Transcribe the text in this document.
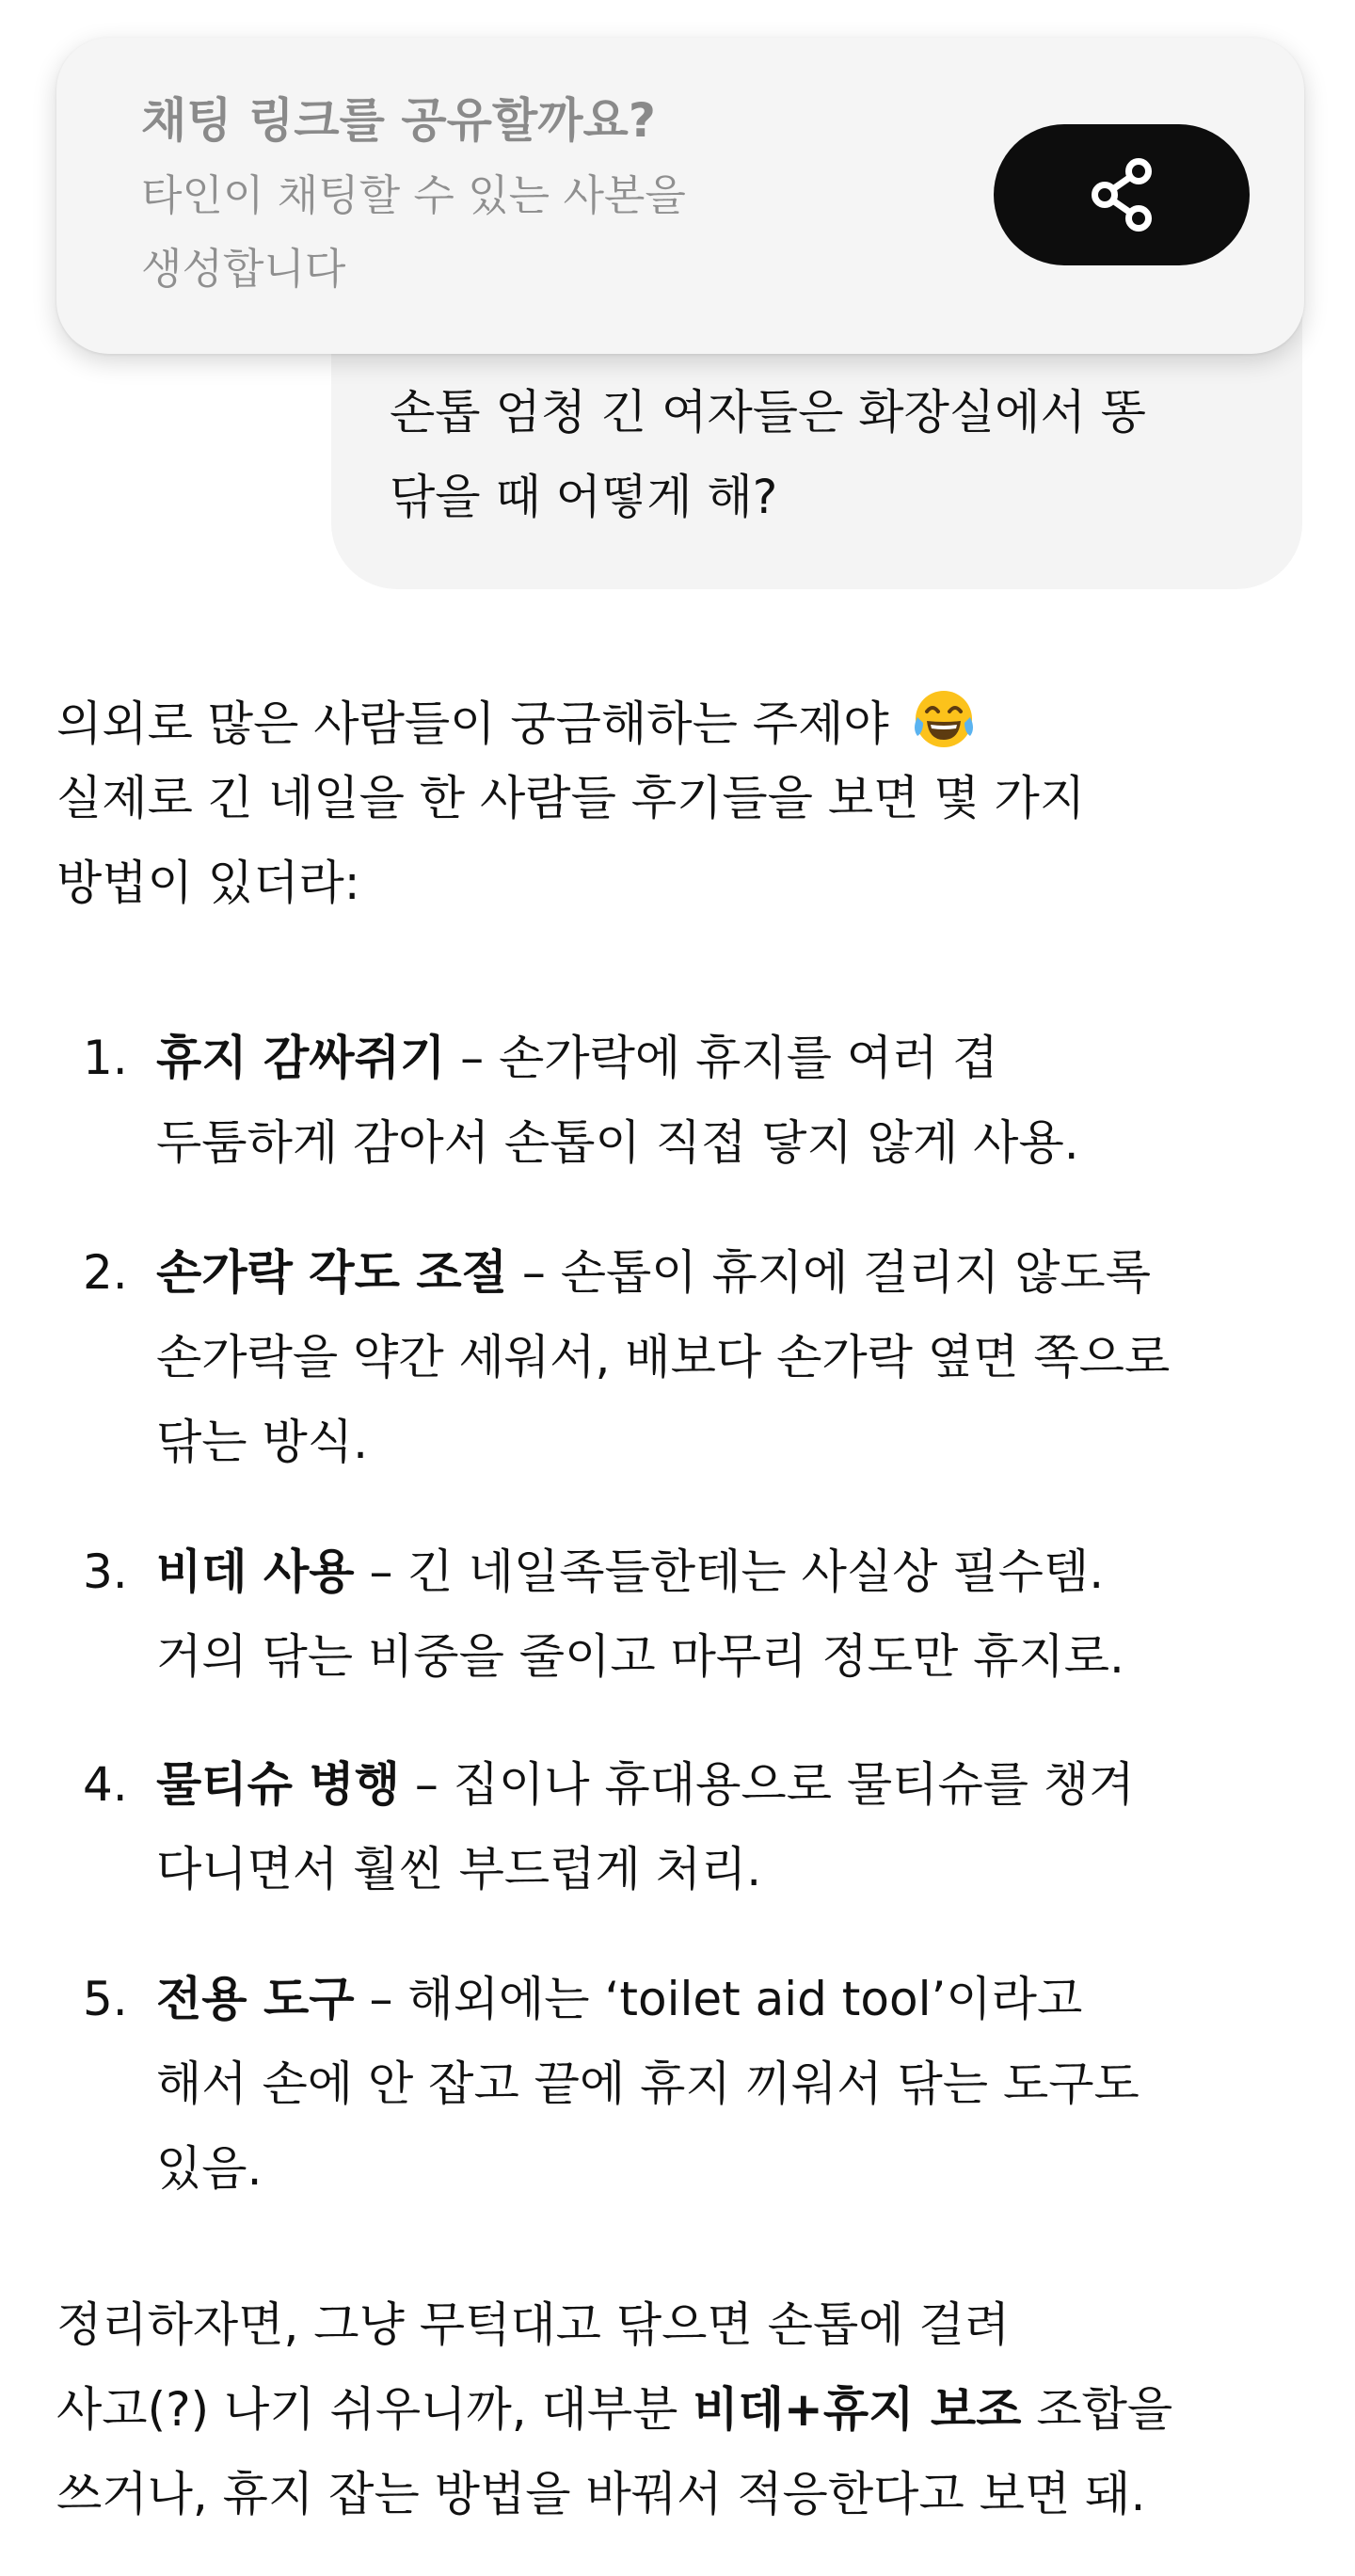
손톱 엄청 긴 여자들은 화장실에서 똥
닦을 때 어떻게 해?
채팅 링크를 공유할까요?
타인이 채팅할 수 있는 사본을
생성합니다
의외로 많은 사람들이 궁금해하는 주제야
실제로 긴 네일을 한 사람들 후기들을 보면 몇 가지
방법이 있더라:
1. 휴지 감싸쥐기 – 손가락에 휴지를 여러 겹
두툼하게 감아서 손톱이 직접 닿지 않게 사용.
2. 손가락 각도 조절 – 손톱이 휴지에 걸리지 않도록
손가락을 약간 세워서, 배보다 손가락 옆면 쪽으로
닦는 방식.
3. 비데 사용 – 긴 네일족들한테는 사실상 필수템.
거의 닦는 비중을 줄이고 마무리 정도만 휴지로.
4. 물티슈 병행 – 집이나 휴대용으로 물티슈를 챙겨
다니면서 훨씬 부드럽게 처리.
5. 전용 도구 – 해외에는 ‘toilet aid tool’이라고
해서 손에 안 잡고 끝에 휴지 끼워서 닦는 도구도
있음.
정리하자면, 그냥 무턱대고 닦으면 손톱에 걸려
사고(?) 나기 쉬우니까, 대부분 비데+휴지 보조 조합을
쓰거나, 휴지 잡는 방법을 바꿔서 적응한다고 보면 돼.
